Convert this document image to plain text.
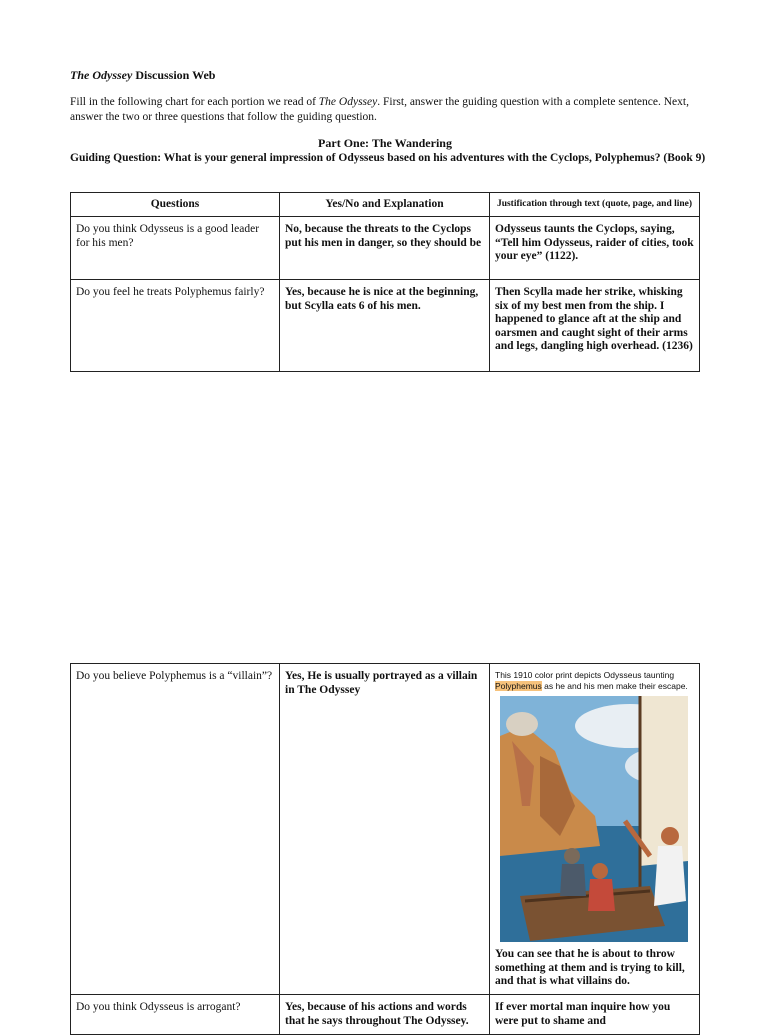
The Odyssey Discussion Web
Fill in the following chart for each portion we read of The Odyssey. First, answer the guiding question with a complete sentence. Next, answer the two or three questions that follow the guiding question.
Part One: The Wandering
Guiding Question: What is your general impression of Odysseus based on his adventures with the Cyclops, Polyphemus? (Book 9)
Questions	Yes/No and Explanation	Justification through text (quote, page, and line)
Do you think Odysseus is a good leader for his men?	No, because the threats to the Cyclops put his men in danger, so they should be	Odysseus taunts the Cyclops, saying, “Tell him Odysseus, raider of cities, took your eye” (1122).
Do you feel he treats Polyphemus fairly?	Yes, because he is nice at the beginning, but Scylla eats 6 of his men.	Then Scylla made her strike, whisking six of my best men from the ship. I happened to glance aft at the ship and oarsmen and caught sight of their arms and legs, dangling high overhead. (1236)
Do you believe Polyphemus is a “villain”?	Yes, He is usually portrayed as a villain in The Odyssey	This 1910 color print depicts Odysseus taunting Polyphemus as he and his men make their escape.
You can see that he is about to throw something at them and is trying to kill, and that is what villains do.

Do you think Odysseus is arrogant?	Yes, because of his actions and words that he says throughout The Odyssey.	If ever mortal man inquire how you were put to shame and
